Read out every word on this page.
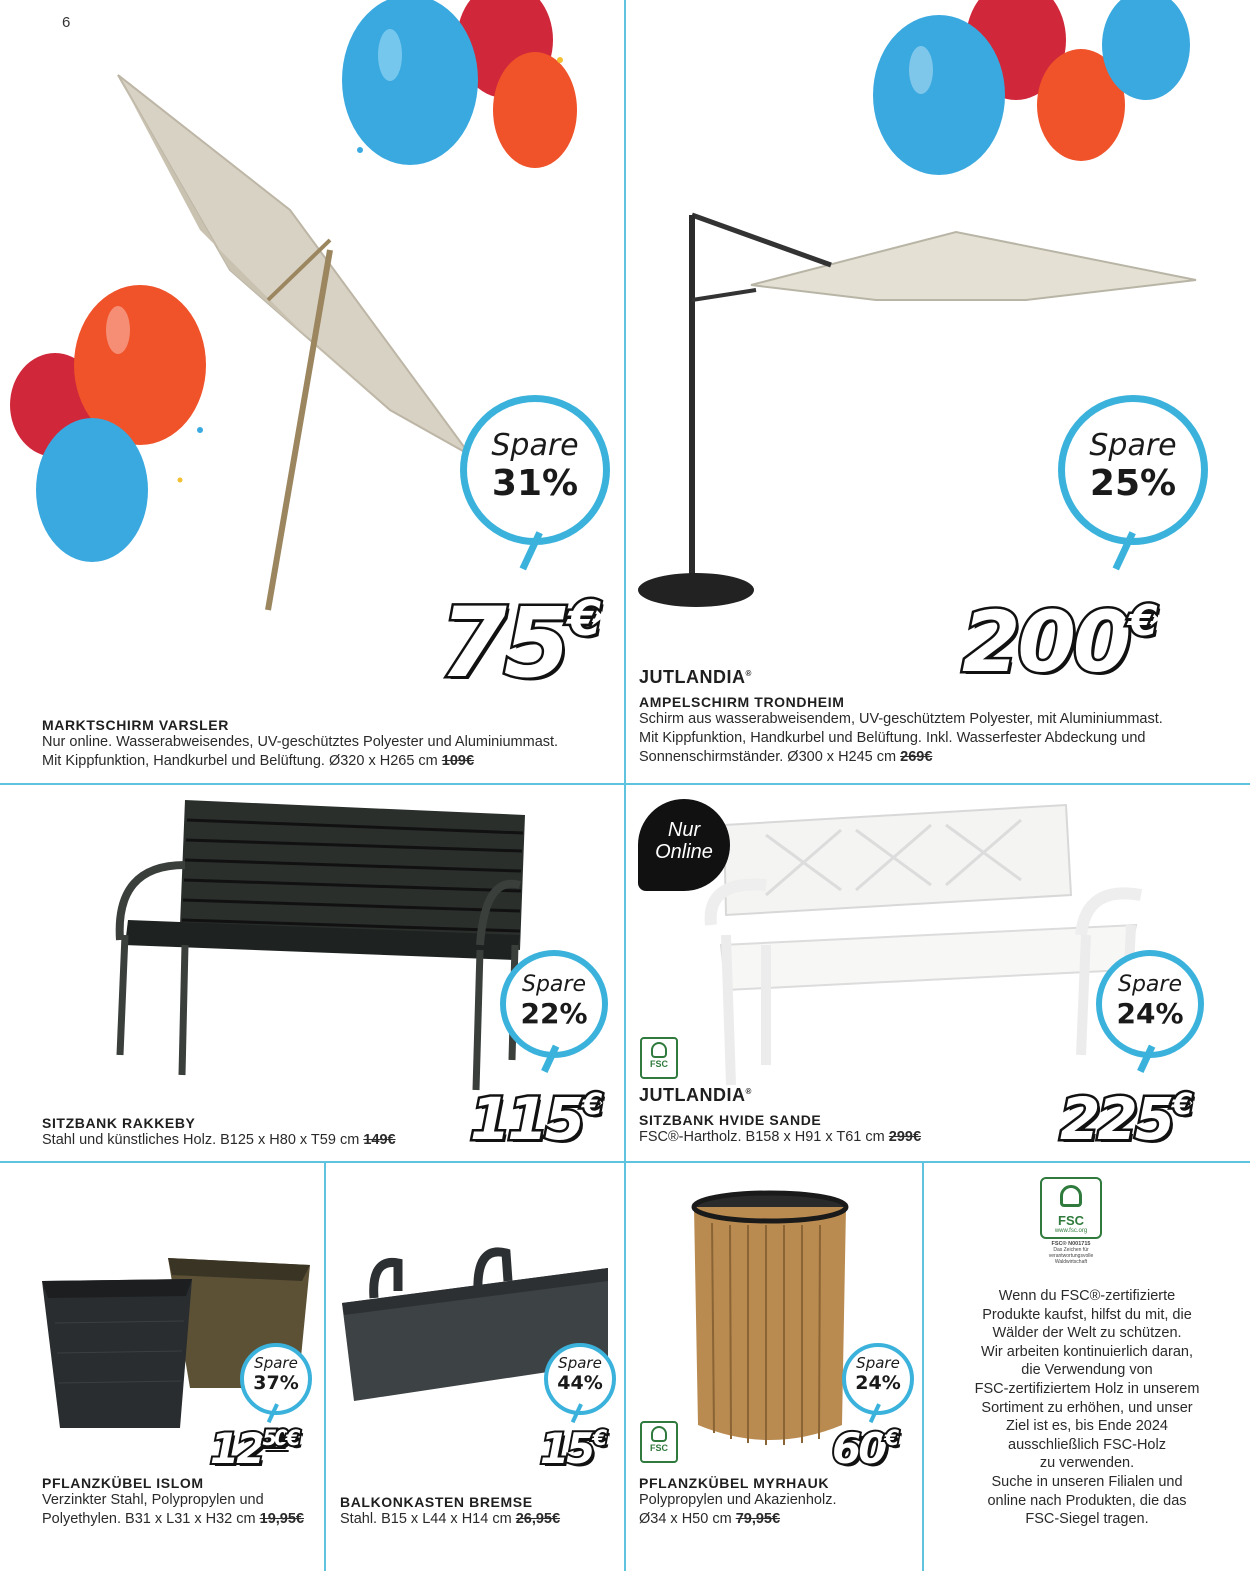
6
Spare
31%
75€
MARKTSCHIRM VARSLER
Nur online. Wasserabweisendes, UV-geschütztes Polyester und Aluminiummast.
Mit Kippfunktion, Handkurbel und Belüftung. Ø320 x H265 cm 109€
Spare
25%
200€
JUTLANDIA®
AMPELSCHIRM TRONDHEIM
Schirm aus wasserabweisendem, UV-geschütztem Polyester, mit Aluminiummast.
Mit Kippfunktion, Handkurbel und Belüftung. Inkl. Wasserfester Abdeckung und
Sonnenschirmständer. Ø300 x H245 cm 269€
Spare
22%
115€
SITZBANK RAKKEBY
Stahl und künstliches Holz. B125 x H80 x T59 cm 149€
Nur
Online
FSC
Spare
24%
225€
JUTLANDIA®
SITZBANK HVIDE SANDE
FSC®-Hartholz. B158 x H91 x T61 cm 299€
Spare
37%
$12^{50€}$
PFLANZKÜBEL ISLOM
Verzinkter Stahl, Polypropylen und
Polyethylen. B31 x L31 x H32 cm 19,95€
Spare
44%
15€
BALKONKASTEN BREMSE
Stahl. B15 x L44 x H14 cm 26,95€
FSC
Spare
24%
60€
PFLANZKÜBEL MYRHAUK
Polypropylen und Akazienholz.
Ø34 x H50 cm 79,95€
FSC
www.fsc.org
FSC® N001715
Das Zeichen für
verantwortungsvolle
Waldwirtschaft
Wenn du FSC®-zertifizierte
Produkte kaufst, hilfst du mit, die
Wälder der Welt zu schützen.
Wir arbeiten kontinuierlich daran,
die Verwendung von
FSC-zertifiziertem Holz in unserem
Sortiment zu erhöhen, und unser
Ziel ist es, bis Ende 2024
ausschließlich FSC-Holz
zu verwenden.
Suche in unseren Filialen und
online nach Produkten, die das
FSC-Siegel tragen.
